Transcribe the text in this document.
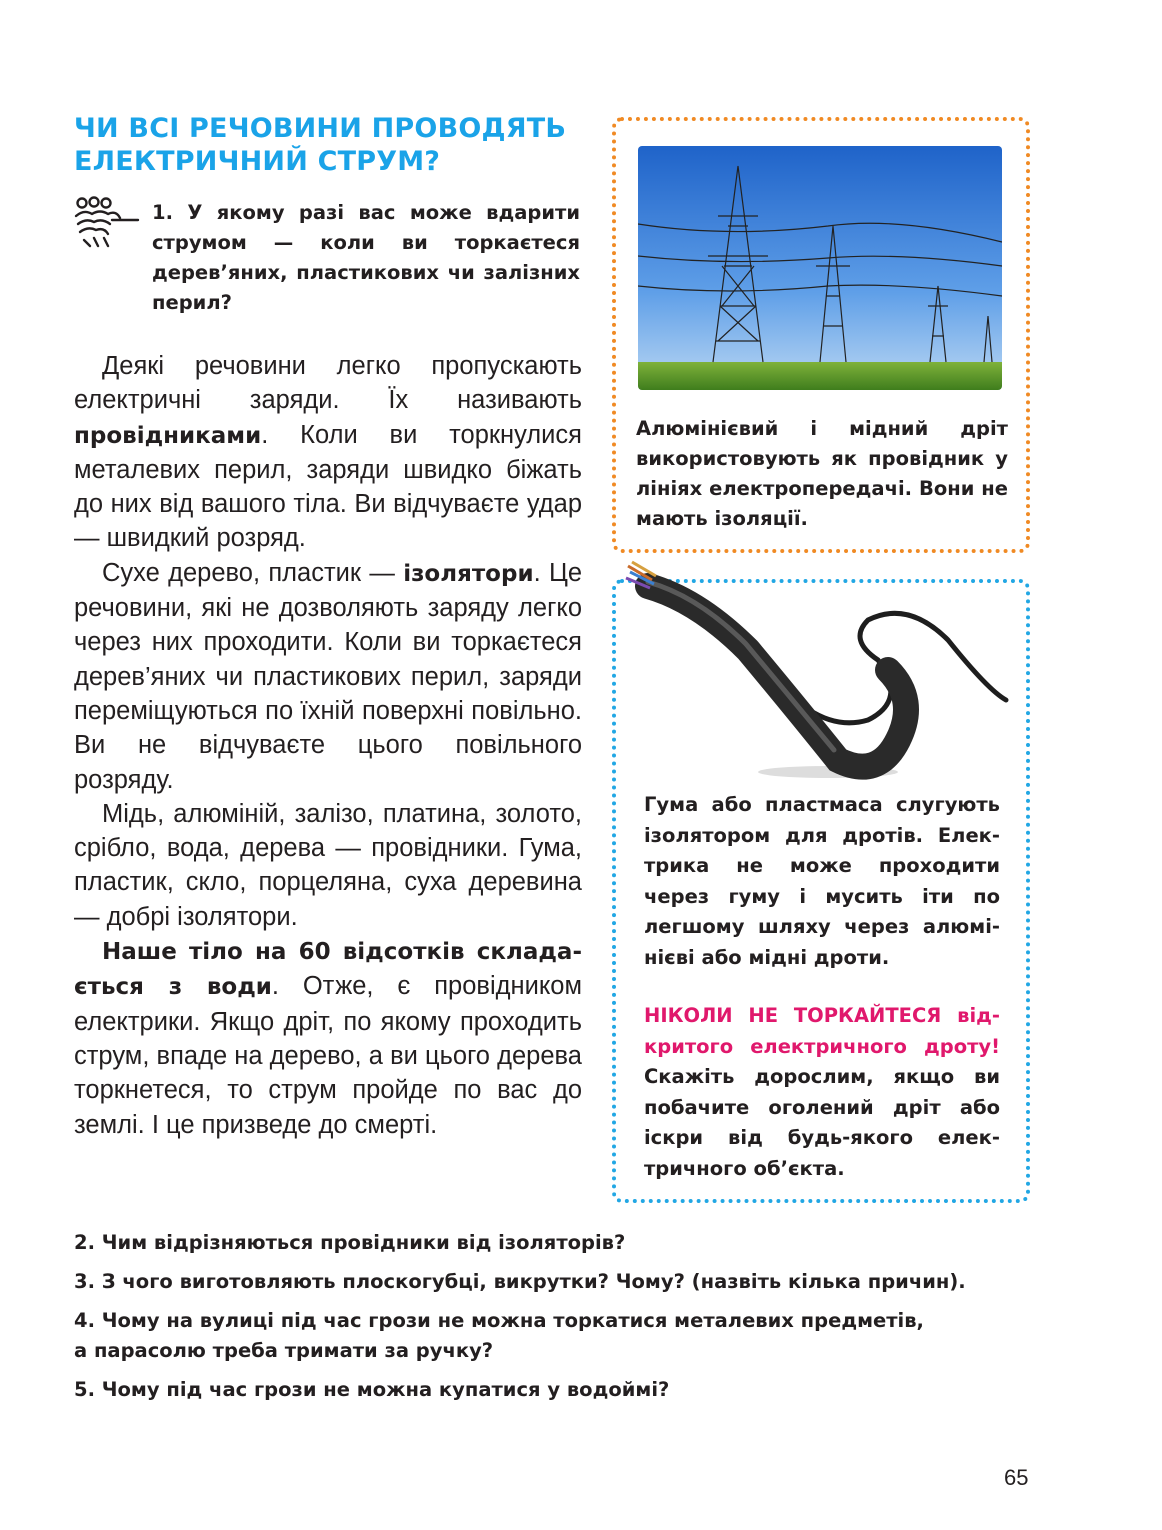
ЧИ ВСІ РЕЧОВИНИ ПРОВОДЯТЬ
ЕЛЕКТРИЧНИЙ СТРУМ?
1. У якому разі вас може вдарити струмом — коли ви торкаєтеся дерев’яних, пластикових чи залізних перил?

Деякі речовини легко пропускають електричні заряди. Їх називають провідниками. Коли ви торкнулися металевих перил, заряди швидко біжать до них від вашого тіла. Ви відчуваєте удар — швидкий розряд.

Сухе дерево, пластик — ізолятори. Це речовини, які не дозволяють заряду легко через них проходити. Коли ви торкаєтеся дерев’яних чи пластикових перил, заряди переміщуються по їхній поверхні повільно. Ви не відчуваєте цього повільного розряду.

Мідь, алюміній, залізо, платина, золото, срібло, вода, дерева — провідники. Гума, пластик, скло, порцеляна, суха деревина — добрі ізолятори.

Наше тіло на 60 відсотків складається з води. Отже, є провідником електрики. Якщо дріт, по якому проходить струм, впаде на дерево, а ви цього дерева торкнетеся, то струм пройде по вас до землі. І це призведе до смерті.

Алюмінієвий і мідний дріт використовують як провідник у лініях електропередачі. Вони не мають ізоляції.
Гума або пластмаса слугують ізолятором для дротів. Електрика не може проходити через гуму і мусить іти по легшому шляху через алюмінієві або мідні дроти.
НІКОЛИ НЕ ТОРКАЙТЕСЯ відкритого електричного дроту! Скажіть дорослим, якщо ви побачите оголений дріт або іскри від будь-якого електричного об’єкта.

2. Чим відрізняються провідники від ізоляторів?

3. З чого виготовляють плоскогубці, викрутки? Чому? (назвіть кілька причин).

4. Чому на вулиці під час грози не можна торкатися металевих предметів,
а парасолю треба тримати за ручку?

5. Чому під час грози не можна купатися у водоймі?

65
